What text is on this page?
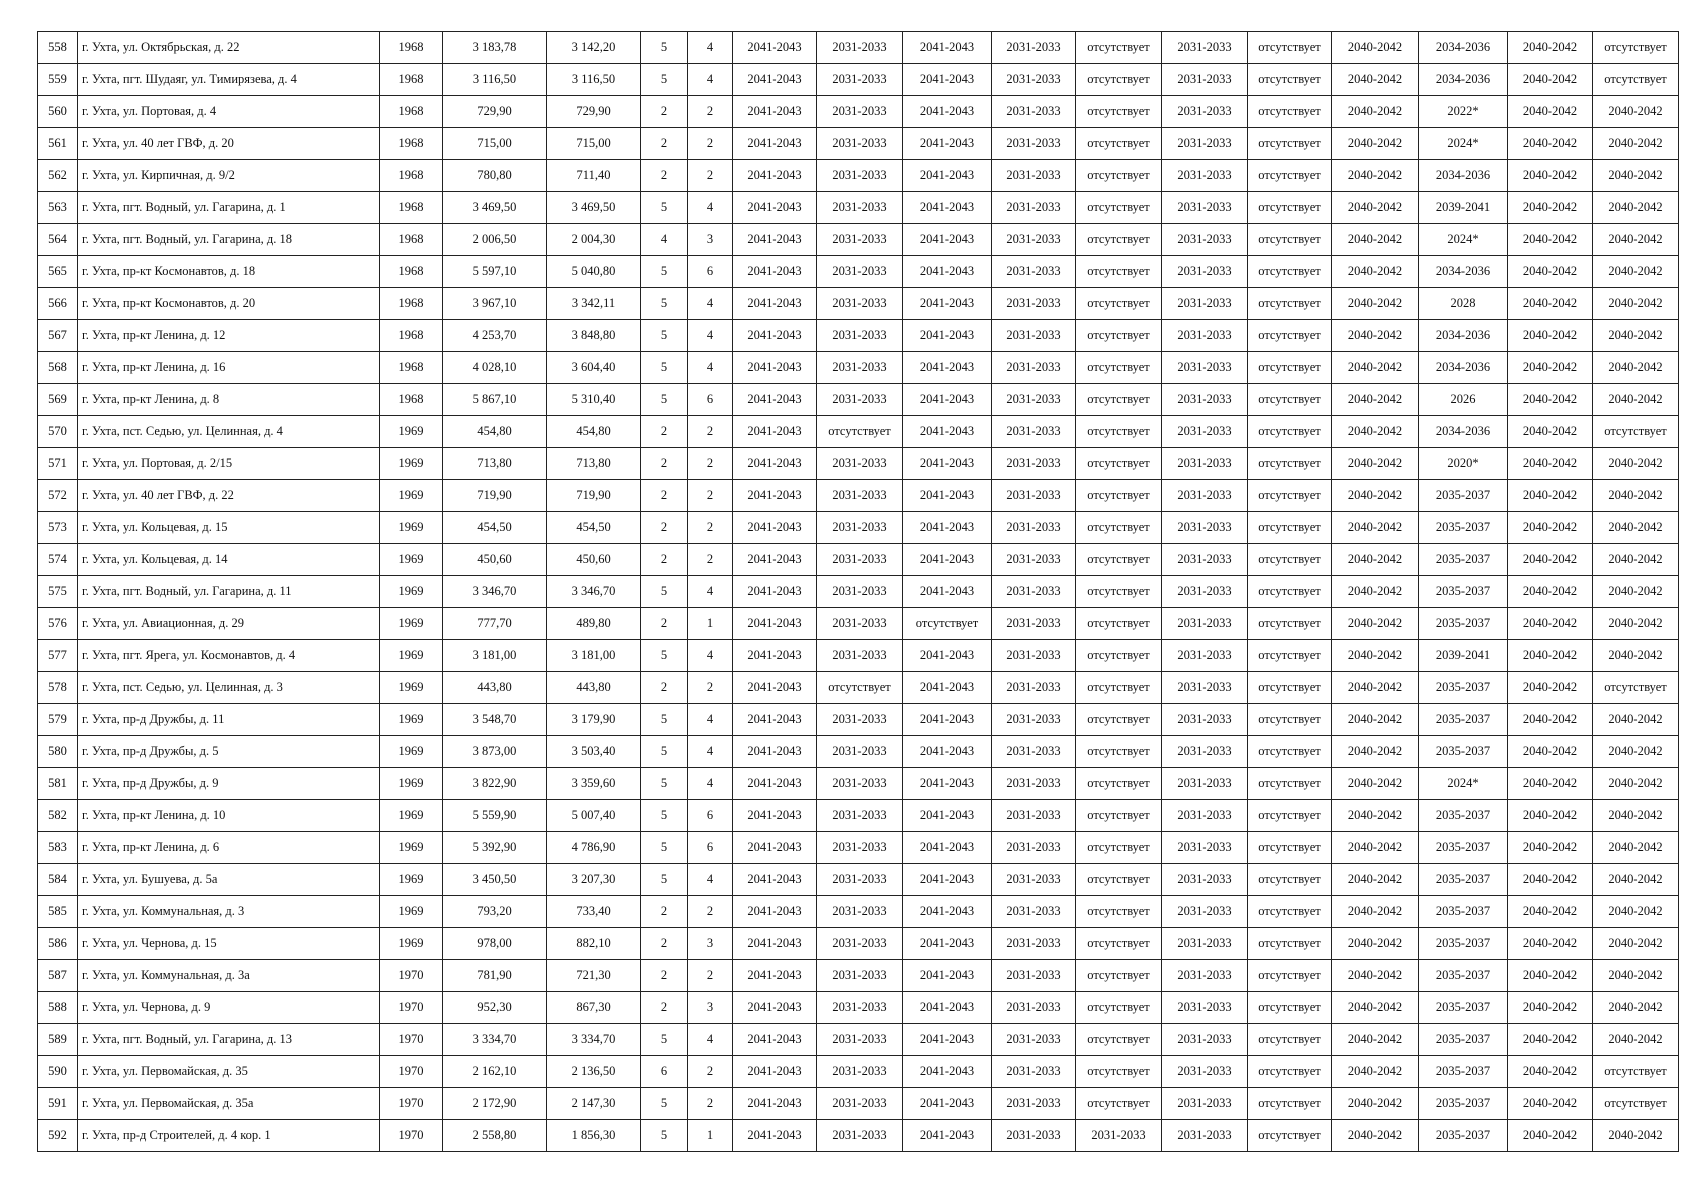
558	г. Ухта, ул. Октябрьская, д. 22	1968	3 183,78	3 142,20	5	4	2041-2043	2031-2033	2041-2043	2031-2033	отсутствует	2031-2033	отсутствует	2040-2042	2034-2036	2040-2042	отсутствует
559	г. Ухта, пгт. Шудаяг, ул. Тимирязева, д. 4	1968	3 116,50	3 116,50	5	4	2041-2043	2031-2033	2041-2043	2031-2033	отсутствует	2031-2033	отсутствует	2040-2042	2034-2036	2040-2042	отсутствует
560	г. Ухта, ул. Портовая, д. 4	1968	729,90	729,90	2	2	2041-2043	2031-2033	2041-2043	2031-2033	отсутствует	2031-2033	отсутствует	2040-2042	2022*	2040-2042	2040-2042
561	г. Ухта, ул. 40 лет ГВФ, д. 20	1968	715,00	715,00	2	2	2041-2043	2031-2033	2041-2043	2031-2033	отсутствует	2031-2033	отсутствует	2040-2042	2024*	2040-2042	2040-2042
562	г. Ухта, ул. Кирпичная, д. 9/2	1968	780,80	711,40	2	2	2041-2043	2031-2033	2041-2043	2031-2033	отсутствует	2031-2033	отсутствует	2040-2042	2034-2036	2040-2042	2040-2042
563	г. Ухта, пгт. Водный, ул. Гагарина, д. 1	1968	3 469,50	3 469,50	5	4	2041-2043	2031-2033	2041-2043	2031-2033	отсутствует	2031-2033	отсутствует	2040-2042	2039-2041	2040-2042	2040-2042
564	г. Ухта, пгт. Водный, ул. Гагарина, д. 18	1968	2 006,50	2 004,30	4	3	2041-2043	2031-2033	2041-2043	2031-2033	отсутствует	2031-2033	отсутствует	2040-2042	2024*	2040-2042	2040-2042
565	г. Ухта, пр-кт Космонавтов, д. 18	1968	5 597,10	5 040,80	5	6	2041-2043	2031-2033	2041-2043	2031-2033	отсутствует	2031-2033	отсутствует	2040-2042	2034-2036	2040-2042	2040-2042
566	г. Ухта, пр-кт Космонавтов, д. 20	1968	3 967,10	3 342,11	5	4	2041-2043	2031-2033	2041-2043	2031-2033	отсутствует	2031-2033	отсутствует	2040-2042	2028	2040-2042	2040-2042
567	г. Ухта, пр-кт Ленина, д. 12	1968	4 253,70	3 848,80	5	4	2041-2043	2031-2033	2041-2043	2031-2033	отсутствует	2031-2033	отсутствует	2040-2042	2034-2036	2040-2042	2040-2042
568	г. Ухта, пр-кт Ленина, д. 16	1968	4 028,10	3 604,40	5	4	2041-2043	2031-2033	2041-2043	2031-2033	отсутствует	2031-2033	отсутствует	2040-2042	2034-2036	2040-2042	2040-2042
569	г. Ухта, пр-кт Ленина, д. 8	1968	5 867,10	5 310,40	5	6	2041-2043	2031-2033	2041-2043	2031-2033	отсутствует	2031-2033	отсутствует	2040-2042	2026	2040-2042	2040-2042
570	г. Ухта, пст. Седью, ул. Целинная, д. 4	1969	454,80	454,80	2	2	2041-2043	отсутствует	2041-2043	2031-2033	отсутствует	2031-2033	отсутствует	2040-2042	2034-2036	2040-2042	отсутствует
571	г. Ухта, ул. Портовая, д. 2/15	1969	713,80	713,80	2	2	2041-2043	2031-2033	2041-2043	2031-2033	отсутствует	2031-2033	отсутствует	2040-2042	2020*	2040-2042	2040-2042
572	г. Ухта, ул. 40 лет ГВФ, д. 22	1969	719,90	719,90	2	2	2041-2043	2031-2033	2041-2043	2031-2033	отсутствует	2031-2033	отсутствует	2040-2042	2035-2037	2040-2042	2040-2042
573	г. Ухта, ул. Кольцевая, д. 15	1969	454,50	454,50	2	2	2041-2043	2031-2033	2041-2043	2031-2033	отсутствует	2031-2033	отсутствует	2040-2042	2035-2037	2040-2042	2040-2042
574	г. Ухта, ул. Кольцевая, д. 14	1969	450,60	450,60	2	2	2041-2043	2031-2033	2041-2043	2031-2033	отсутствует	2031-2033	отсутствует	2040-2042	2035-2037	2040-2042	2040-2042
575	г. Ухта, пгт. Водный, ул. Гагарина, д. 11	1969	3 346,70	3 346,70	5	4	2041-2043	2031-2033	2041-2043	2031-2033	отсутствует	2031-2033	отсутствует	2040-2042	2035-2037	2040-2042	2040-2042
576	г. Ухта, ул. Авиационная, д. 29	1969	777,70	489,80	2	1	2041-2043	2031-2033	отсутствует	2031-2033	отсутствует	2031-2033	отсутствует	2040-2042	2035-2037	2040-2042	2040-2042
577	г. Ухта, пгт. Ярега, ул. Космонавтов, д. 4	1969	3 181,00	3 181,00	5	4	2041-2043	2031-2033	2041-2043	2031-2033	отсутствует	2031-2033	отсутствует	2040-2042	2039-2041	2040-2042	2040-2042
578	г. Ухта, пст. Седью, ул. Целинная, д. 3	1969	443,80	443,80	2	2	2041-2043	отсутствует	2041-2043	2031-2033	отсутствует	2031-2033	отсутствует	2040-2042	2035-2037	2040-2042	отсутствует
579	г. Ухта, пр-д Дружбы, д. 11	1969	3 548,70	3 179,90	5	4	2041-2043	2031-2033	2041-2043	2031-2033	отсутствует	2031-2033	отсутствует	2040-2042	2035-2037	2040-2042	2040-2042
580	г. Ухта, пр-д Дружбы, д. 5	1969	3 873,00	3 503,40	5	4	2041-2043	2031-2033	2041-2043	2031-2033	отсутствует	2031-2033	отсутствует	2040-2042	2035-2037	2040-2042	2040-2042
581	г. Ухта, пр-д Дружбы, д. 9	1969	3 822,90	3 359,60	5	4	2041-2043	2031-2033	2041-2043	2031-2033	отсутствует	2031-2033	отсутствует	2040-2042	2024*	2040-2042	2040-2042
582	г. Ухта, пр-кт Ленина, д. 10	1969	5 559,90	5 007,40	5	6	2041-2043	2031-2033	2041-2043	2031-2033	отсутствует	2031-2033	отсутствует	2040-2042	2035-2037	2040-2042	2040-2042
583	г. Ухта, пр-кт Ленина, д. 6	1969	5 392,90	4 786,90	5	6	2041-2043	2031-2033	2041-2043	2031-2033	отсутствует	2031-2033	отсутствует	2040-2042	2035-2037	2040-2042	2040-2042
584	г. Ухта, ул. Бушуева, д. 5а	1969	3 450,50	3 207,30	5	4	2041-2043	2031-2033	2041-2043	2031-2033	отсутствует	2031-2033	отсутствует	2040-2042	2035-2037	2040-2042	2040-2042
585	г. Ухта, ул. Коммунальная, д. 3	1969	793,20	733,40	2	2	2041-2043	2031-2033	2041-2043	2031-2033	отсутствует	2031-2033	отсутствует	2040-2042	2035-2037	2040-2042	2040-2042
586	г. Ухта, ул. Чернова, д. 15	1969	978,00	882,10	2	3	2041-2043	2031-2033	2041-2043	2031-2033	отсутствует	2031-2033	отсутствует	2040-2042	2035-2037	2040-2042	2040-2042
587	г. Ухта, ул. Коммунальная, д. 3а	1970	781,90	721,30	2	2	2041-2043	2031-2033	2041-2043	2031-2033	отсутствует	2031-2033	отсутствует	2040-2042	2035-2037	2040-2042	2040-2042
588	г. Ухта, ул. Чернова, д. 9	1970	952,30	867,30	2	3	2041-2043	2031-2033	2041-2043	2031-2033	отсутствует	2031-2033	отсутствует	2040-2042	2035-2037	2040-2042	2040-2042
589	г. Ухта, пгт. Водный, ул. Гагарина, д. 13	1970	3 334,70	3 334,70	5	4	2041-2043	2031-2033	2041-2043	2031-2033	отсутствует	2031-2033	отсутствует	2040-2042	2035-2037	2040-2042	2040-2042
590	г. Ухта, ул. Первомайская, д. 35	1970	2 162,10	2 136,50	6	2	2041-2043	2031-2033	2041-2043	2031-2033	отсутствует	2031-2033	отсутствует	2040-2042	2035-2037	2040-2042	отсутствует
591	г. Ухта, ул. Первомайская, д. 35а	1970	2 172,90	2 147,30	5	2	2041-2043	2031-2033	2041-2043	2031-2033	отсутствует	2031-2033	отсутствует	2040-2042	2035-2037	2040-2042	отсутствует
592	г. Ухта, пр-д Строителей, д. 4 кор. 1	1970	2 558,80	1 856,30	5	1	2041-2043	2031-2033	2041-2043	2031-2033	2031-2033	2031-2033	отсутствует	2040-2042	2035-2037	2040-2042	2040-2042
